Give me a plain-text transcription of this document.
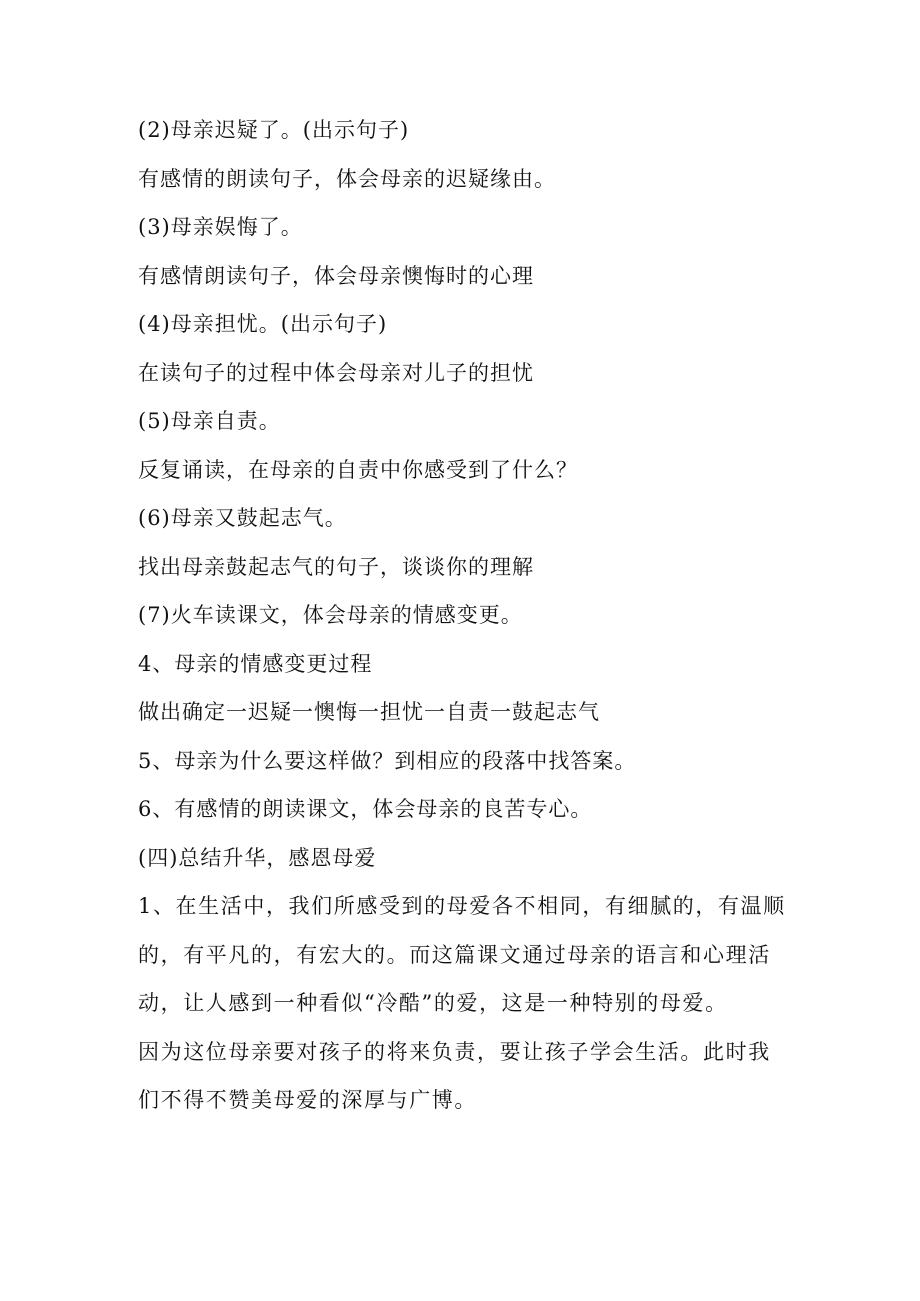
(2)母亲迟疑了。(出示句子)
有感情的朗读句子，体会母亲的迟疑缘由。
(3)母亲娱悔了。
有感情朗读句子，体会母亲懊悔时的心理
(4)母亲担忧。(出示句子)
在读句子的过程中体会母亲对儿子的担忧
(5)母亲自责。
反复诵读，在母亲的自责中你感受到了什么？
(6)母亲又鼓起志气。
找出母亲鼓起志气的句子，谈谈你的理解
(7)火车读课文，体会母亲的情感变更。
4、母亲的情感变更过程
做出确定一迟疑一懊悔一担忧一自责一鼓起志气
5、母亲为什么要这样做？到相应的段落中找答案。
6、有感情的朗读课文，体会母亲的良苦专心。
(四)总结升华，感恩母爱
1、在生活中，我们所感受到的母爱各不相同，有细腻的，有温顺的，有平凡的，有宏大的。而这篇课文通过母亲的语言和心理活动，让人感到一种看似“冷酷”的爱，这是一种特别的母爱。
因为这位母亲要对孩子的将来负责，要让孩子学会生活。此时我们不得不赞美母爱的深厚与广博。
